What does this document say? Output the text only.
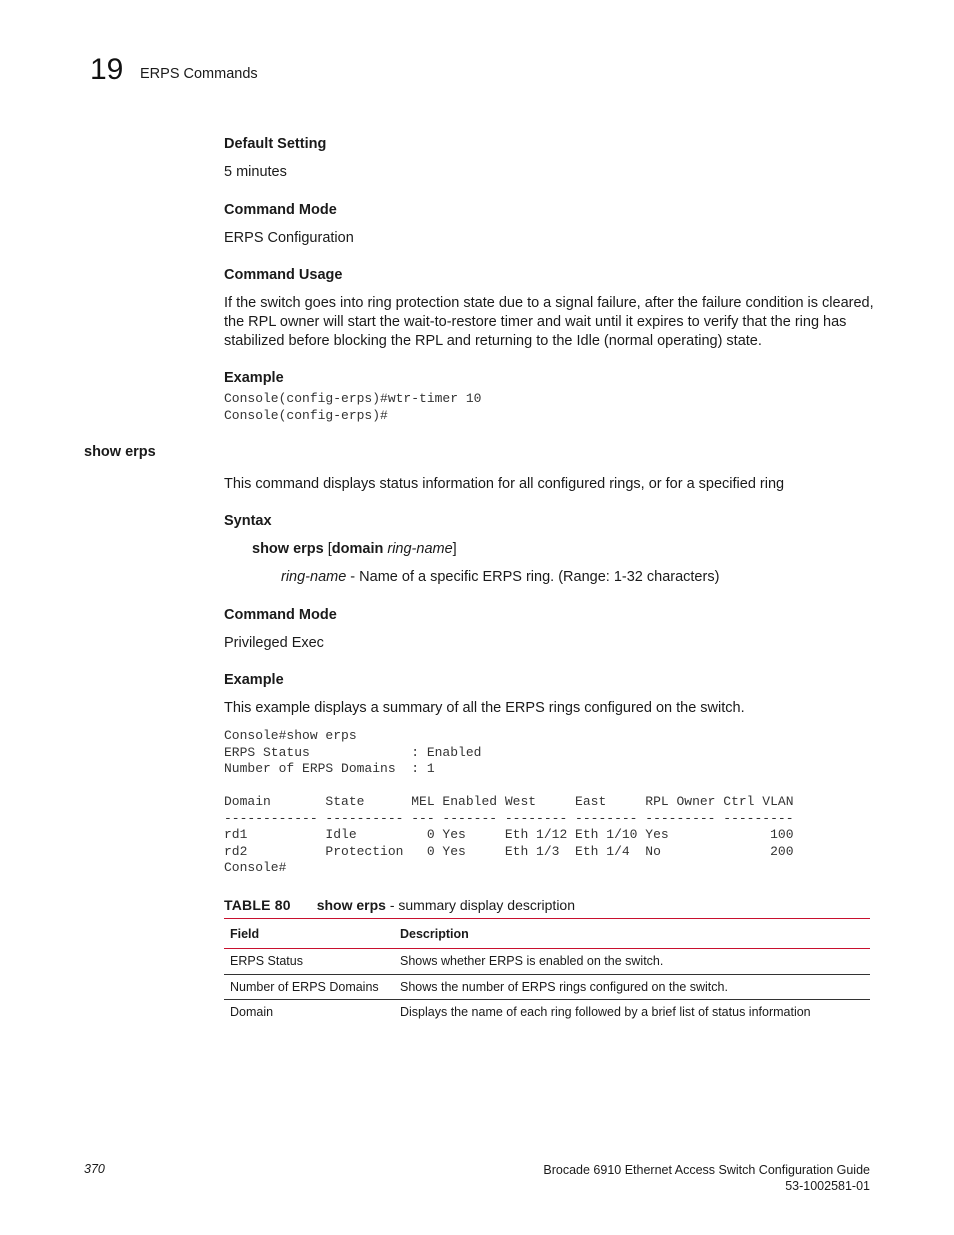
19 ERPS Commands
Default Setting
5 minutes
Command Mode
ERPS Configuration
Command Usage
If the switch goes into ring protection state due to a signal failure, after the failure condition is cleared, the RPL owner will start the wait-to-restore timer and wait until it expires to verify that the ring has stabilized before blocking the RPL and returning to the Idle (normal operating) state.
Example
Console(config-erps)#wtr-timer 10
Console(config-erps)#
show erps
This command displays status information for all configured rings, or for a specified ring
Syntax
show erps [domain ring-name]
ring-name - Name of a specific ERPS ring. (Range: 1-32 characters)
Command Mode
Privileged Exec
Example
This example displays a summary of all the ERPS rings configured on the switch.
Console#show erps
ERPS Status             : Enabled
Number of ERPS Domains  : 1

Domain       State      MEL Enabled West     East     RPL Owner Ctrl VLAN
------------ ---------- --- ------- -------- -------- --------- ---------
rd1          Idle         0 Yes     Eth 1/12 Eth 1/10 Yes             100
rd2          Protection   0 Yes     Eth 1/3  Eth 1/4  No              200
Console#
TABLE 80 show erps - summary display description
Field	Description
ERPS Status	Shows whether ERPS is enabled on the switch.
Number of ERPS Domains	Shows the number of ERPS rings configured on the switch.
Domain	Displays the name of each ring followed by a brief list of status information
370	Brocade 6910 Ethernet Access Switch Configuration Guide
53-1002581-01
